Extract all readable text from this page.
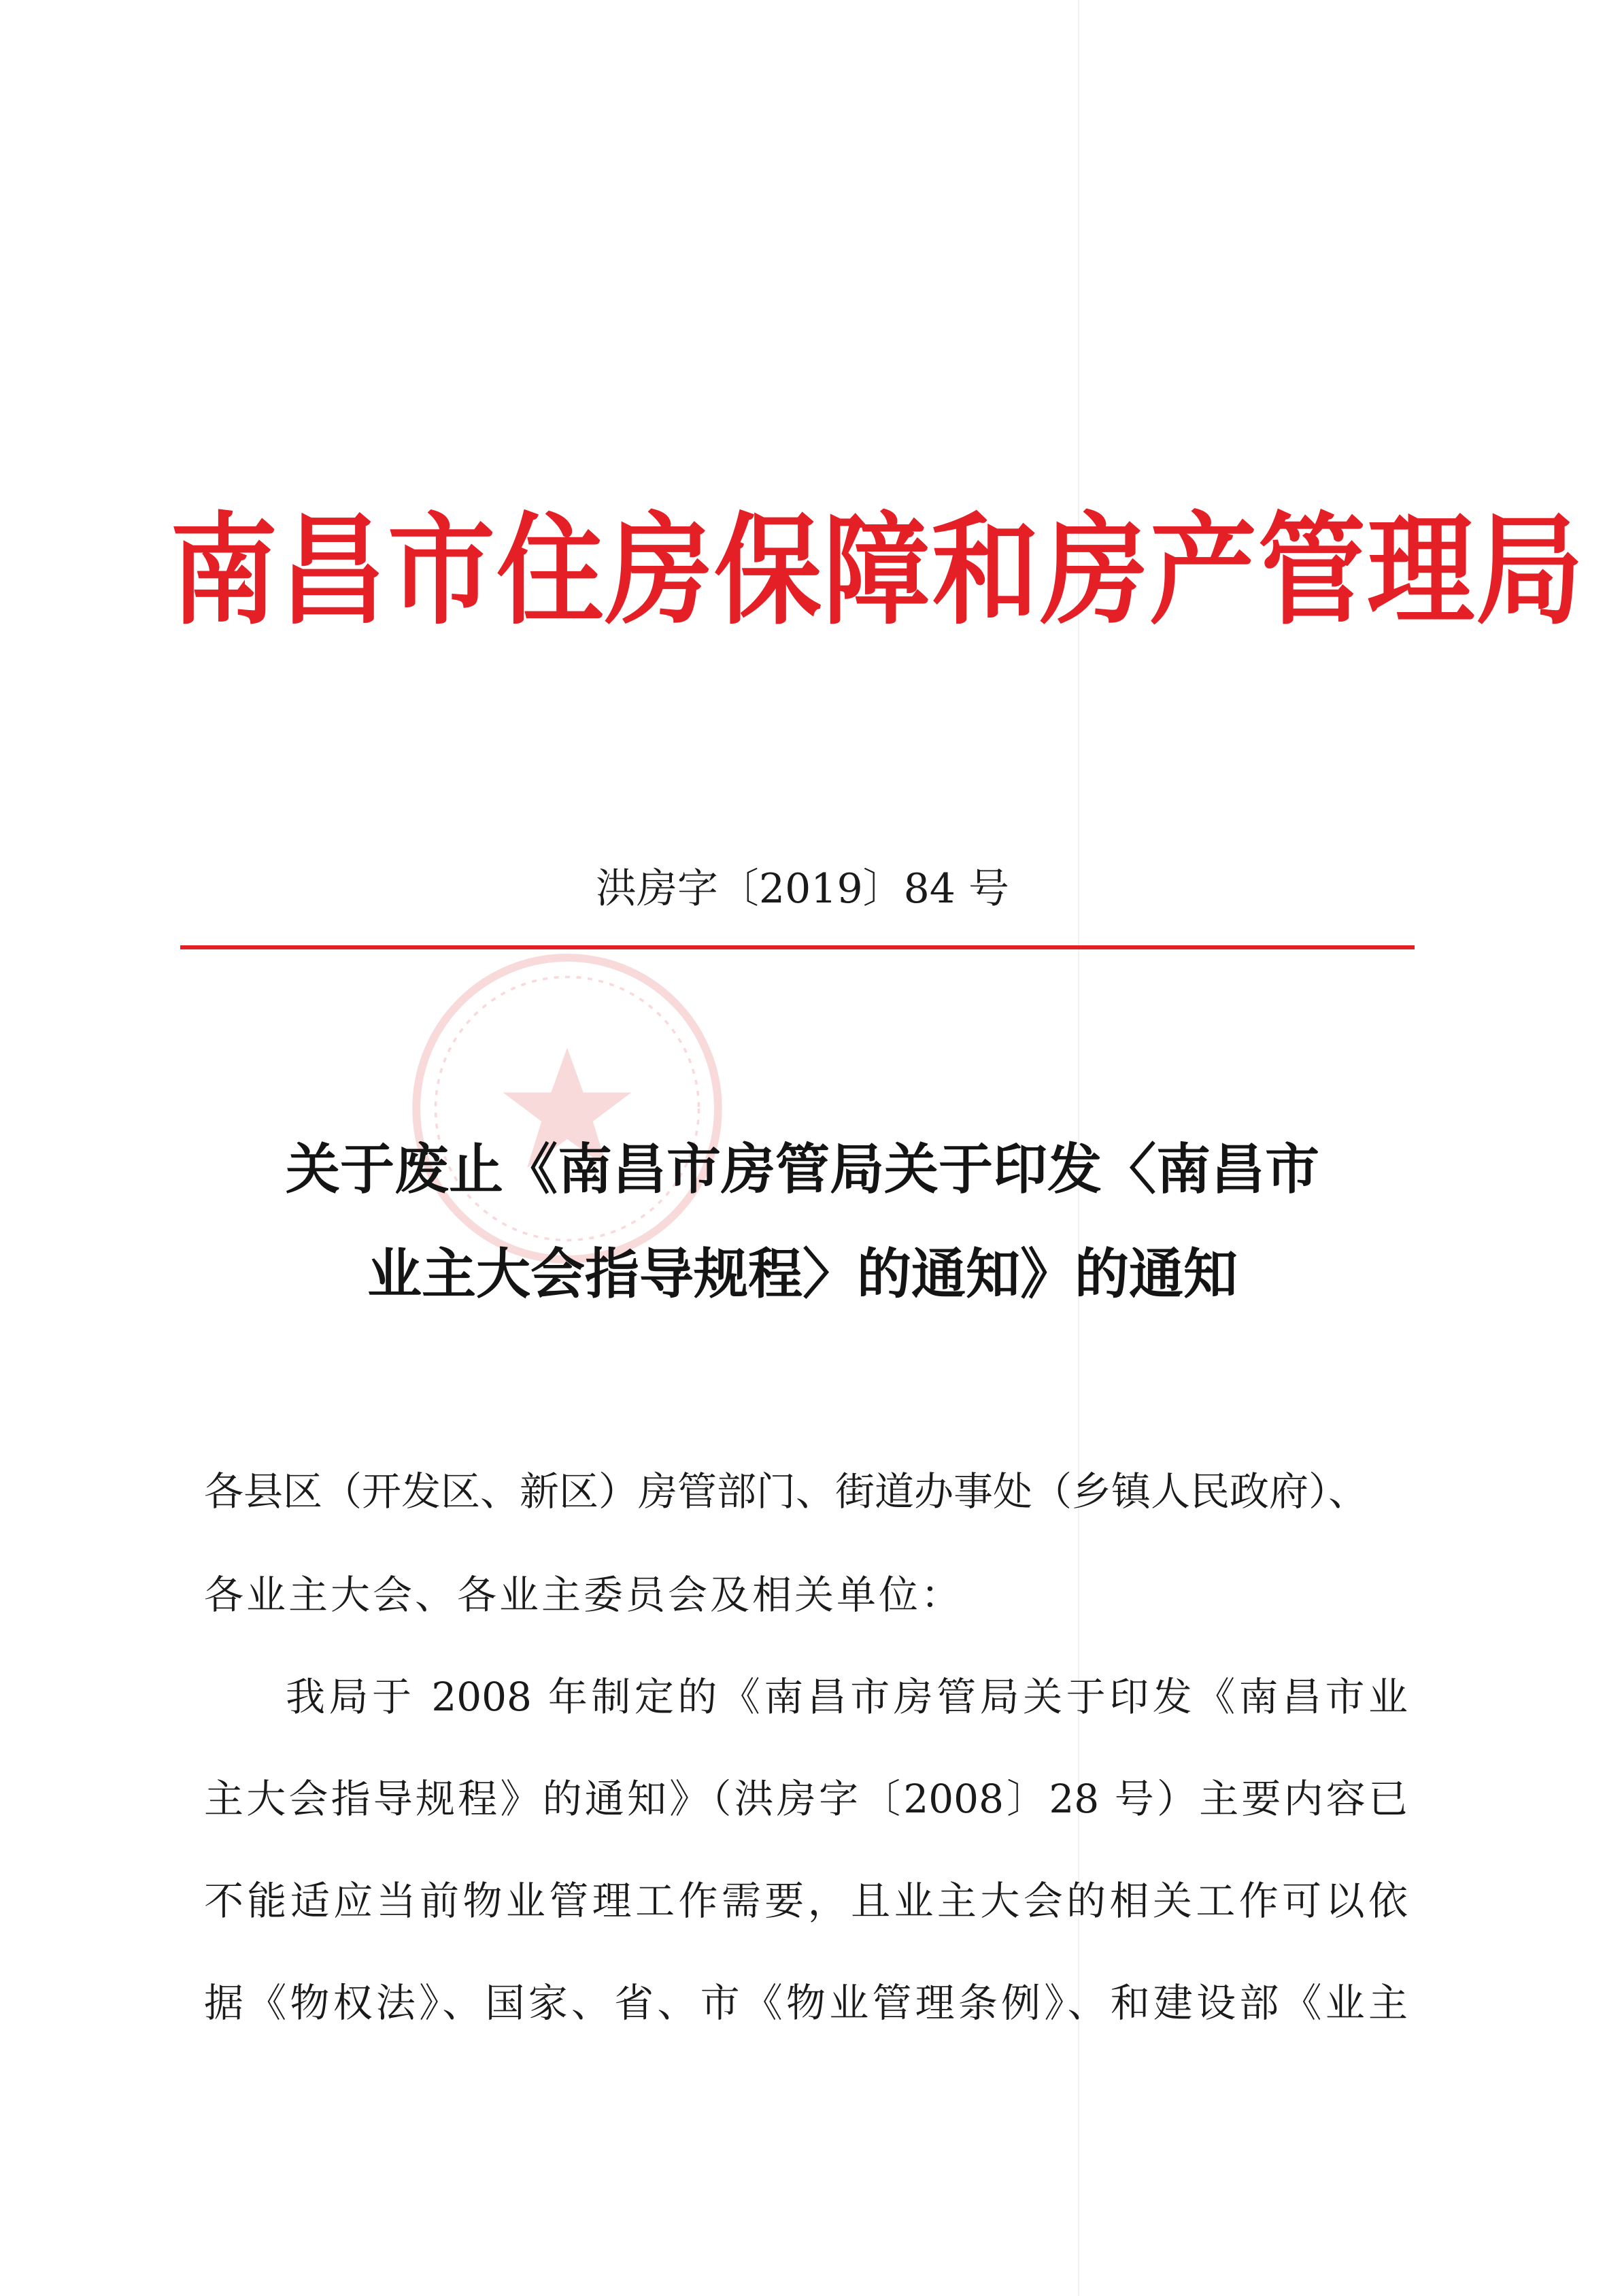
南昌市住房保障和房产管理局
洪房字〔2019〕84 号
关于废止《南昌市房管局关于印发〈南昌市
业主大会指导规程〉的通知》的通知
各县区（开发区、新区）房管部门、街道办事处（乡镇人民政府）、
各业主大会、各业主委员会及相关单位：
我局于 2008 年制定的《南昌市房管局关于印发《南昌市业
主大会指导规程》的通知》（洪房字〔2008〕28 号）主要内容已
不能适应当前物业管理工作需要，且业主大会的相关工作可以依
据《物权法》、国家、省、市《物业管理条例》、和建设部《业主
